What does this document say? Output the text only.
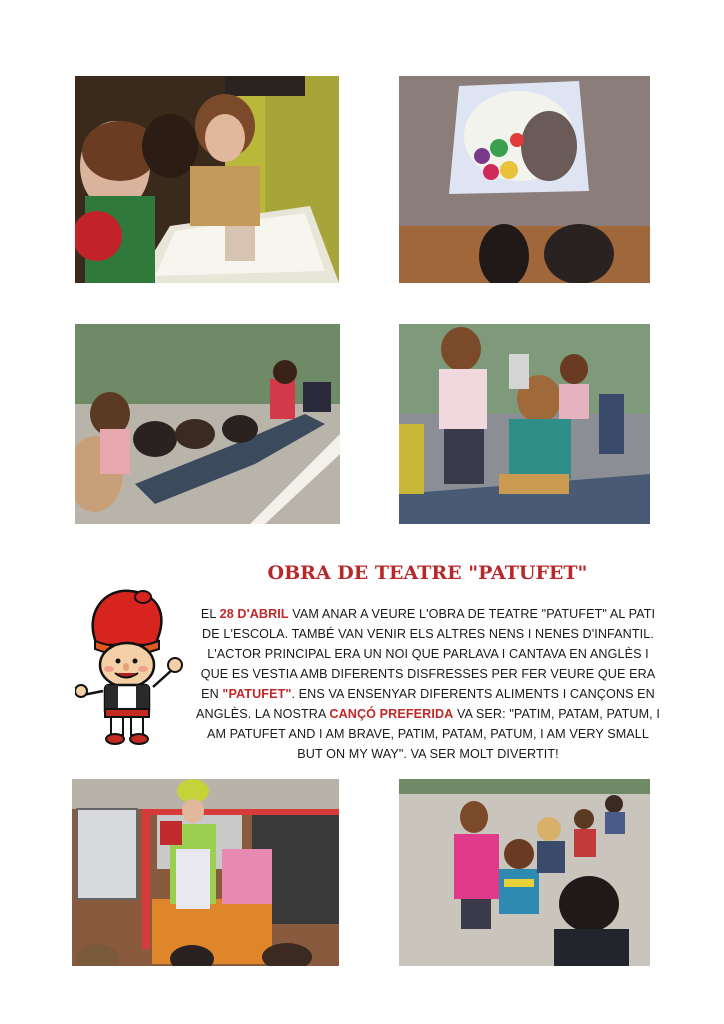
OBRA DE TEATRE "PATUFET"
EL 28 D'ABRIL VAM ANAR A VEURE L'OBRA DE TEATRE "PATUFET" AL PATI DE L'ESCOLA. TAMBÉ VAN VENIR ELS ALTRES NENS I NENES D'INFANTIL. L'ACTOR PRINCIPAL ERA UN NOI QUE PARLAVA I CANTAVA EN ANGLÈS I QUE ES VESTIA AMB DIFERENTS DISFRESSES PER FER VEURE QUE ERA EN "PATUFET". ENS VA ENSENYAR DIFERENTS ALIMENTS I CANÇONS EN ANGLÈS. LA NOSTRA CANÇÓ PREFERIDA VA SER: "PATIM, PATAM, PATUM, I AM PATUFET AND I AM BRAVE, PATIM, PATAM, PATUM, I AM VERY SMALL BUT ON MY WAY". VA SER MOLT DIVERTIT!
